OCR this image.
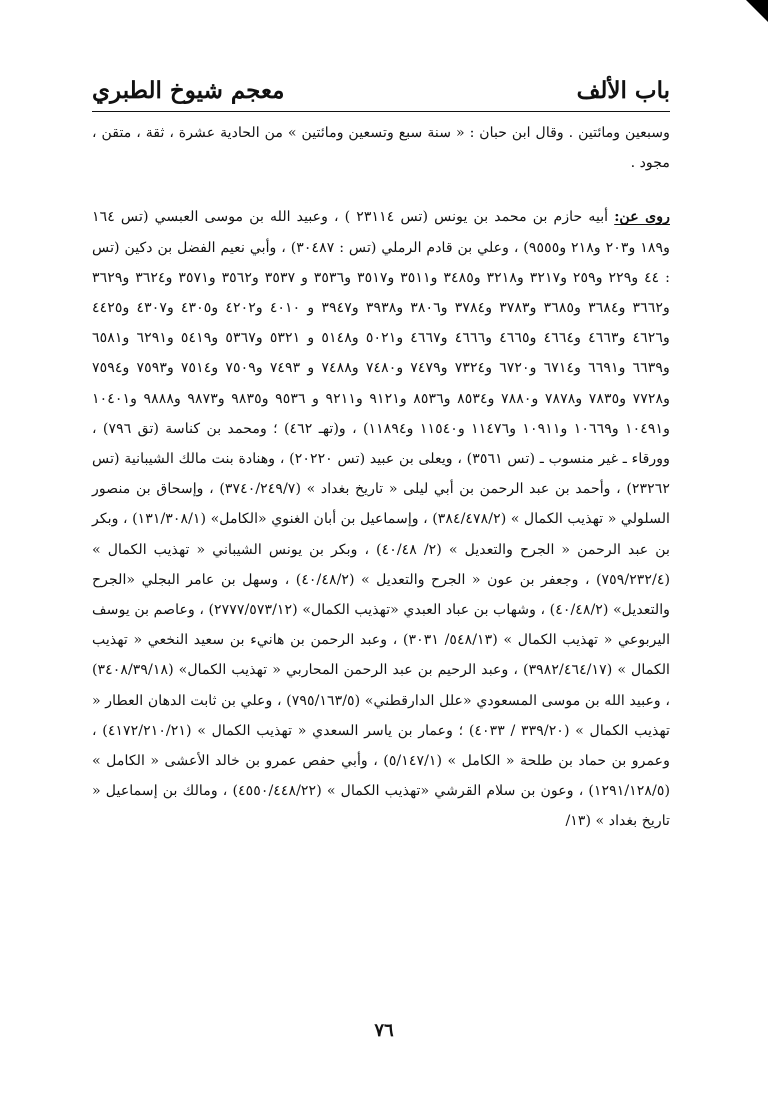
باب الألف
معجم شيوخ الطبري

وسبعين ومائتين . وقال ابن حبان : « سنة سبع وتسعين ومائتين » من الحادية عشرة ، ثقة ، متقن ، مجود .

روى عن: أبيه حازم بن محمد بن يونس (تس ٢٣١١٤ ) ، وعبيد الله بن موسى العبسي (تس ١٦٤ و١٨٩ و٢٠٣ و٢١٨ و٩٥٥٥) ، وعلي بن قادم الرملي (تس : ٣٠٤٨٧) ، وأبي نعيم الفضل بن دكين (تس : ٤٤ و٢٢٩ و٢٥٩ و٣٢١٧ و٣٢١٨ و٣٤٨٥ و٣٥١١ و٣٥١٧ و٣٥٣٦ و ٣٥٣٧ و٣٥٦٢ و٣٥٧١ و٣٦٢٤ و٣٦٢٩ و٣٦٦٢ و٣٦٨٤ و٣٦٨٥ و٣٧٨٣ و٣٧٨٤ و٣٨٠٦ و٣٩٣٨ و٣٩٤٧ و ٤٠١٠ و٤٢٠٢ و٤٣٠٥ و٤٣٠٧ و٤٤٢٥ و٤٦٢٦ و٤٦٦٣ و٤٦٦٤ و٤٦٦٥ و٤٦٦٦ و٤٦٦٧ و٥٠٢١ و٥١٤٨ و ٥٣٢١ و٥٣٦٧ و٥٤١٩ و٦٢٩١ و٦٥٨١ و٦٦٣٩ و٦٦٩١ و٦٧١٤ و٦٧٢٠ و٧٣٢٤ و٧٤٧٩ و٧٤٨٠ و٧٤٨٨ و ٧٤٩٣ و٧٥٠٩ و٧٥١٤ و٧٥٩٣ و٧٥٩٤ و٧٧٢٨ و٧٨٣٥ و٧٨٧٨ و٧٨٨٠ و٨٥٣٤ و٨٥٣٦ و٩١٢١ و٩٢١١ و ٩٥٣٦ و٩٨٣٥ و٩٨٧٣ و٩٨٨٨ و١٠٤٠١ و١٠٤٩١ و١٠٦٦٩ و١٠٩١١ و١١٤٧٦ و١١٥٤٠ و١١٨٩٤) ، و(تهـ ٤٦٢) ؛ ومحمد بن كناسة (تق ٧٩٦) ، وورقاء ـ غير منسوب ـ (تس ٣٥٦١) ، ويعلى بن عبيد (تس ٢٠٢٢٠) ، وهنادة بنت مالك الشيبانية (تس ٢٣٢٦٢) ، وأحمد بن عبد الرحمن بن أبي ليلى « تاريخ بغداد » (٣٧٤٠/٢٤٩/٧) ، وإسحاق بن منصور السلولي « تهذيب الكمال » (٣٨٤/٤٧٨/٢) ، وإسماعيل بن أبان الغنوي «الكامل» (١٣١/٣٠٨/١) ، وبكر بن عبد الرحمن « الجرح والتعديل » (٢/ ٤٠/٤٨) ، وبكر بن يونس الشيباني « تهذيب الكمال » (٧٥٩/٢٣٢/٤) ، وجعفر بن عون « الجرح والتعديل » (٤٠/٤٨/٢) ، وسهل بن عامر البجلي «الجرح والتعديل» (٤٠/٤٨/٢) ، وشهاب بن عباد العبدي «تهذيب الكمال» (٢٧٧٧/٥٧٣/١٢) ، وعاصم بن يوسف اليربوعي « تهذيب الكمال » (٥٤٨/١٣/ ٣٠٣١) ، وعبد الرحمن بن هانيء بن سعيد النخعي « تهذيب الكمال » (٣٩٨٢/٤٦٤/١٧) ، وعبد الرحيم بن عبد الرحمن المحاربي « تهذيب الكمال» (٣٤٠٨/٣٩/١٨) ، وعبيد الله بن موسى المسعودي «علل الدارقطني» (٧٩٥/١٦٣/٥) ، وعلي بن ثابت الدهان العطار « تهذيب الكمال » (٣٣٩/٢٠ / ٤٠٣٣) ؛ وعمار بن ياسر السعدي « تهذيب الكمال » (٤١٧٢/٢١٠/٢١) ، وعمرو بن حماد بن طلحة « الكامل » (٥/١٤٧/١) ، وأبي حفص عمرو بن خالد الأعشى « الكامل » (١٢٩١/١٢٨/٥) ، وعون بن سلام القرشي «تهذيب الكمال » (٤٥٥٠/٤٤٨/٢٢) ، ومالك بن إسماعيل « تاريخ بغداد » (١٣/

٧٦
